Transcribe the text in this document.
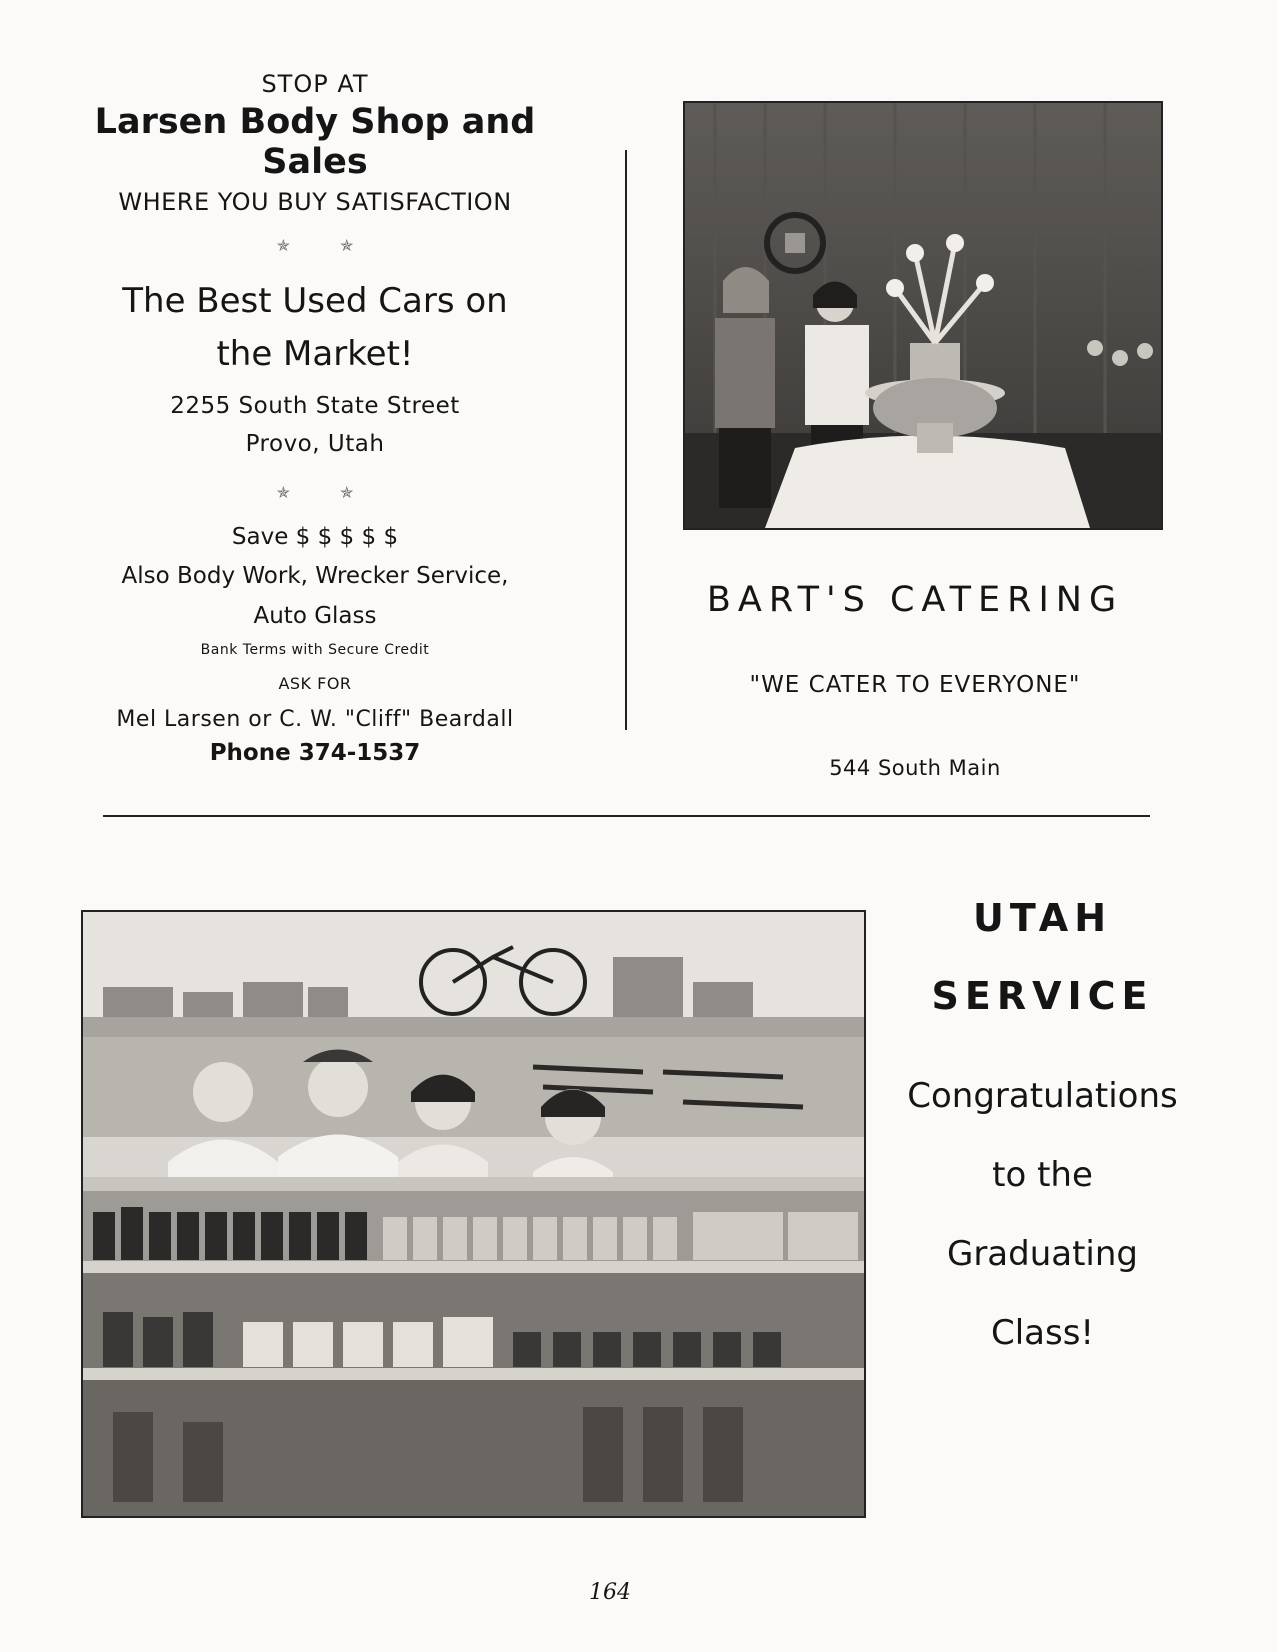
STOP AT
Larsen Body Shop and Sales
WHERE YOU BUY SATISFACTION
✯✯
The Best Used Cars on
the Market!
2255 South State Street
Provo, Utah
✯✯
Save $ $ $ $ $
Also Body Work, Wrecker Service,
Auto Glass
Bank Terms with Secure Credit
ASK FOR
Mel Larsen or C. W. "Cliff" Beardall
Phone 374-1537
BART'S CATERING
"WE CATER TO EVERYONE"
544 South Main
UTAH
SERVICE
Congratulations
to the
Graduating
Class!
164
